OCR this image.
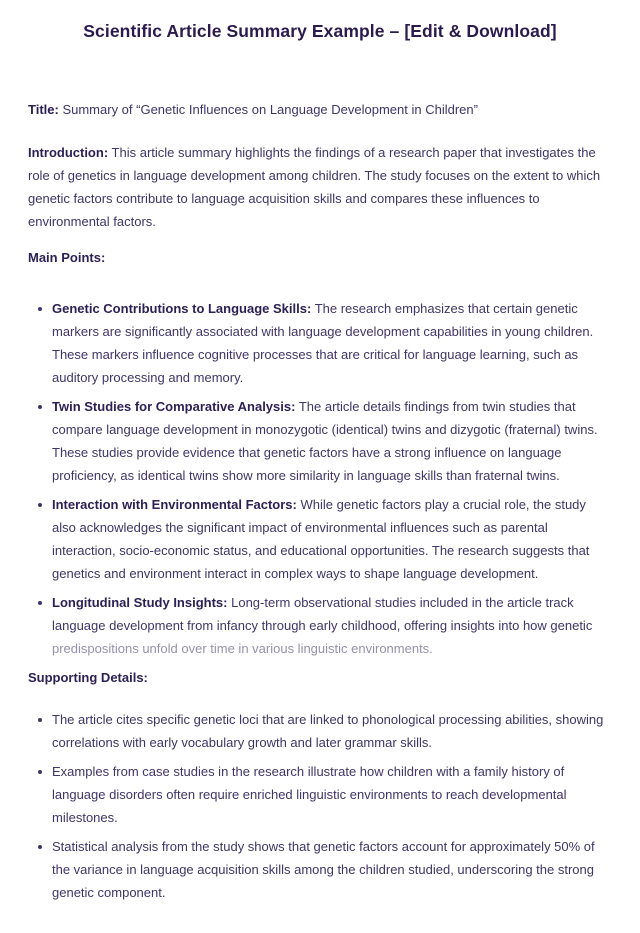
Scientific Article Summary Example – [Edit & Download]

Title: Summary of “Genetic Influences on Language Development in Children”

Introduction: This article summary highlights the findings of a research paper that investigates the role of genetics in language development among children. The study focuses on the extent to which genetic factors contribute to language acquisition skills and compares these influences to environmental factors.

Main Points:
Genetic Contributions to Language Skills: The research emphasizes that certain genetic markers are significantly associated with language development capabilities in young children. These markers influence cognitive processes that are critical for language learning, such as auditory processing and memory.
Twin Studies for Comparative Analysis: The article details findings from twin studies that compare language development in monozygotic (identical) twins and dizygotic (fraternal) twins. These studies provide evidence that genetic factors have a strong influence on language proficiency, as identical twins show more similarity in language skills than fraternal twins.
Interaction with Environmental Factors: While genetic factors play a crucial role, the study also acknowledges the significant impact of environmental influences such as parental interaction, socio-economic status, and educational opportunities. The research suggests that genetics and environment interact in complex ways to shape language development.
Longitudinal Study Insights: Long-term observational studies included in the article track language development from infancy through early childhood, offering insights into how genetic predispositions unfold over time in various linguistic environments.
Supporting Details:
The article cites specific genetic loci that are linked to phonological processing abilities, showing correlations with early vocabulary growth and later grammar skills.
Examples from case studies in the research illustrate how children with a family history of language disorders often require enriched linguistic environments to reach developmental milestones.
Statistical analysis from the study shows that genetic factors account for approximately 50% of the variance in language acquisition skills among the children studied, underscoring the strong genetic component.
